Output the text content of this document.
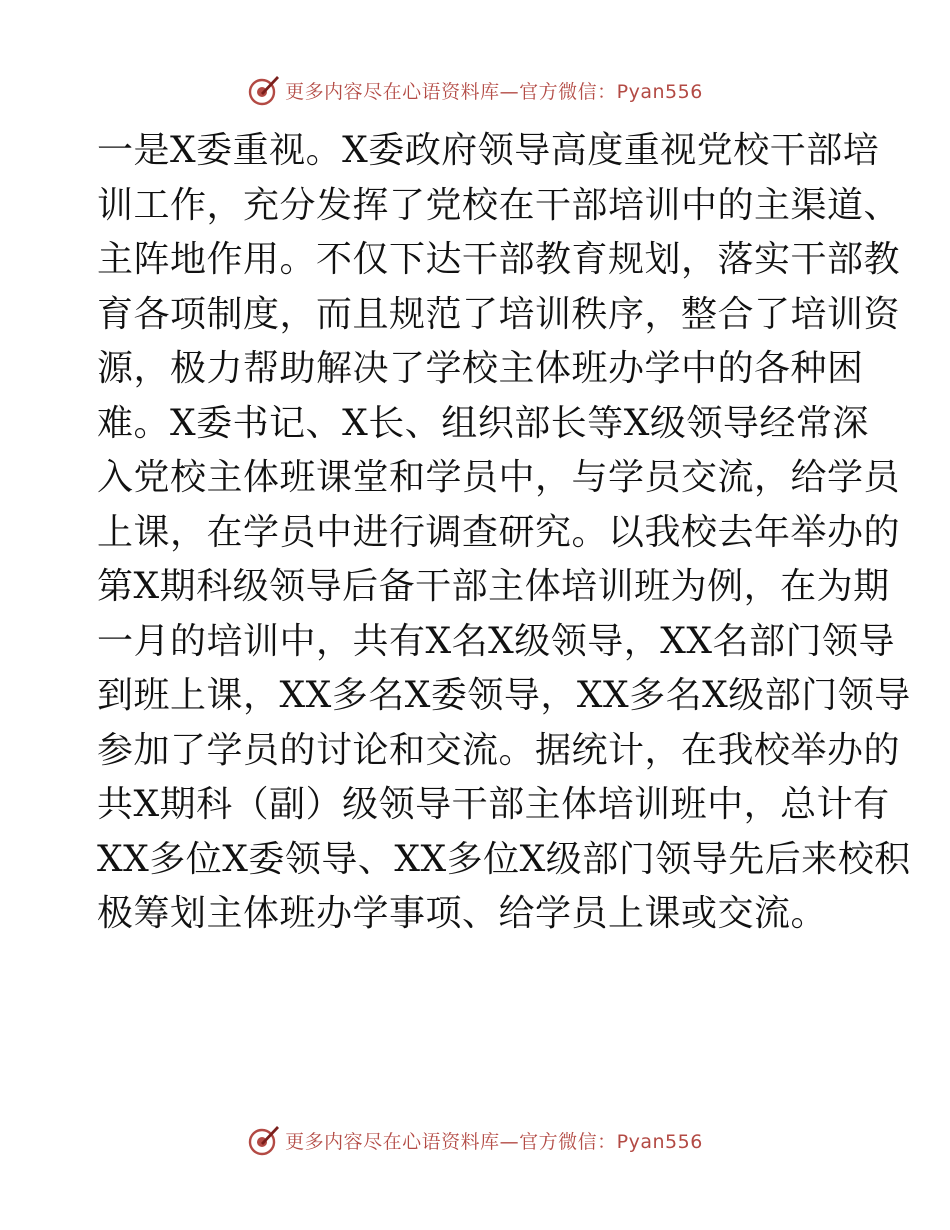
更多内容尽在心语资料库—官方微信：Pyan556
一是X委重视。X委政府领导高度重视党校干部培
训工作，充分发挥了党校在干部培训中的主渠道、
主阵地作用。不仅下达干部教育规划，落实干部教
育各项制度，而且规范了培训秩序，整合了培训资
源，极力帮助解决了学校主体班办学中的各种困
难。X委书记、X长、组织部长等X级领导经常深
入党校主体班课堂和学员中，与学员交流，给学员
上课，在学员中进行调查研究。以我校去年举办的
第X期科级领导后备干部主体培训班为例，在为期
一月的培训中，共有X名X级领导，XX名部门领导
到班上课，XX多名X委领导，XX多名X级部门领导
参加了学员的讨论和交流。据统计，在我校举办的
共X期科（副）级领导干部主体培训班中，总计有
XX多位X委领导、XX多位X级部门领导先后来校积
极筹划主体班办学事项、给学员上课或交流。
更多内容尽在心语资料库—官方微信：Pyan556
